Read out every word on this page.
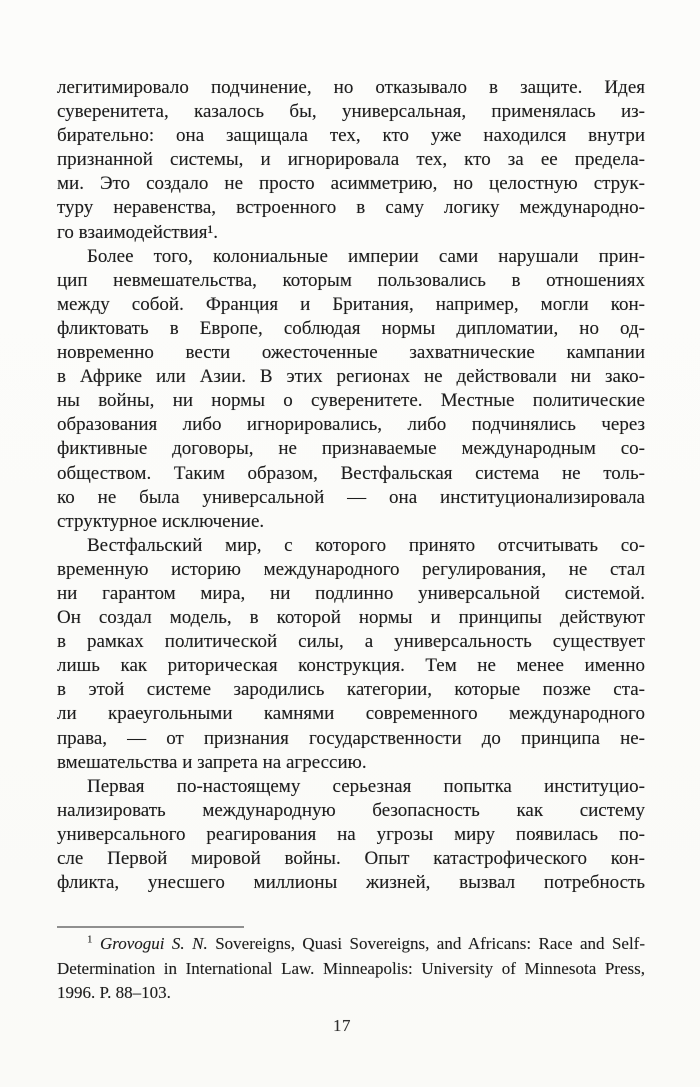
легитимировало подчинение, но отказывало в защите. Идея
суверенитета, казалось бы, универсальная, применялась из-
бирательно: она защищала тех, кто уже находился внутри
признанной системы, и игнорировала тех, кто за ее предела-
ми. Это создало не просто асимметрию, но целостную струк-
туру неравенства, встроенного в саму логику международно-
го взаимодействия¹.
Более того, колониальные империи сами нарушали прин-
цип невмешательства, которым пользовались в отношениях
между собой. Франция и Британия, например, могли кон-
фликтовать в Европе, соблюдая нормы дипломатии, но од-
новременно вести ожесточенные захватнические кампании
в Африке или Азии. В этих регионах не действовали ни зако-
ны войны, ни нормы о суверенитете. Местные политические
образования либо игнорировались, либо подчинялись через
фиктивные договоры, не признаваемые международным со-
обществом. Таким образом, Вестфальская система не толь-
ко не была универсальной — она институционализировала
структурное исключение.
Вестфальский мир, с которого принято отсчитывать со-
временную историю международного регулирования, не стал
ни гарантом мира, ни подлинно универсальной системой.
Он создал модель, в которой нормы и принципы действуют
в рамках политической силы, а универсальность существует
лишь как риторическая конструкция. Тем не менее именно
в этой системе зародились категории, которые позже ста-
ли краеугольными камнями современного международного
права, — от признания государственности до принципа не-
вмешательства и запрета на агрессию.
Первая по-настоящему серьезная попытка институцио-
нализировать международную безопасность как систему
универсального реагирования на угрозы миру появилась по-
сле Первой мировой войны. Опыт катастрофического кон-
фликта, унесшего миллионы жизней, вызвал потребность
$^1$ Grovogui S. N. Sovereigns, Quasi Sovereigns, and Africans: Race and Self-Determination in International Law. Minneapolis: University of Minnesota Press, 1996. P. 88–103.
17
